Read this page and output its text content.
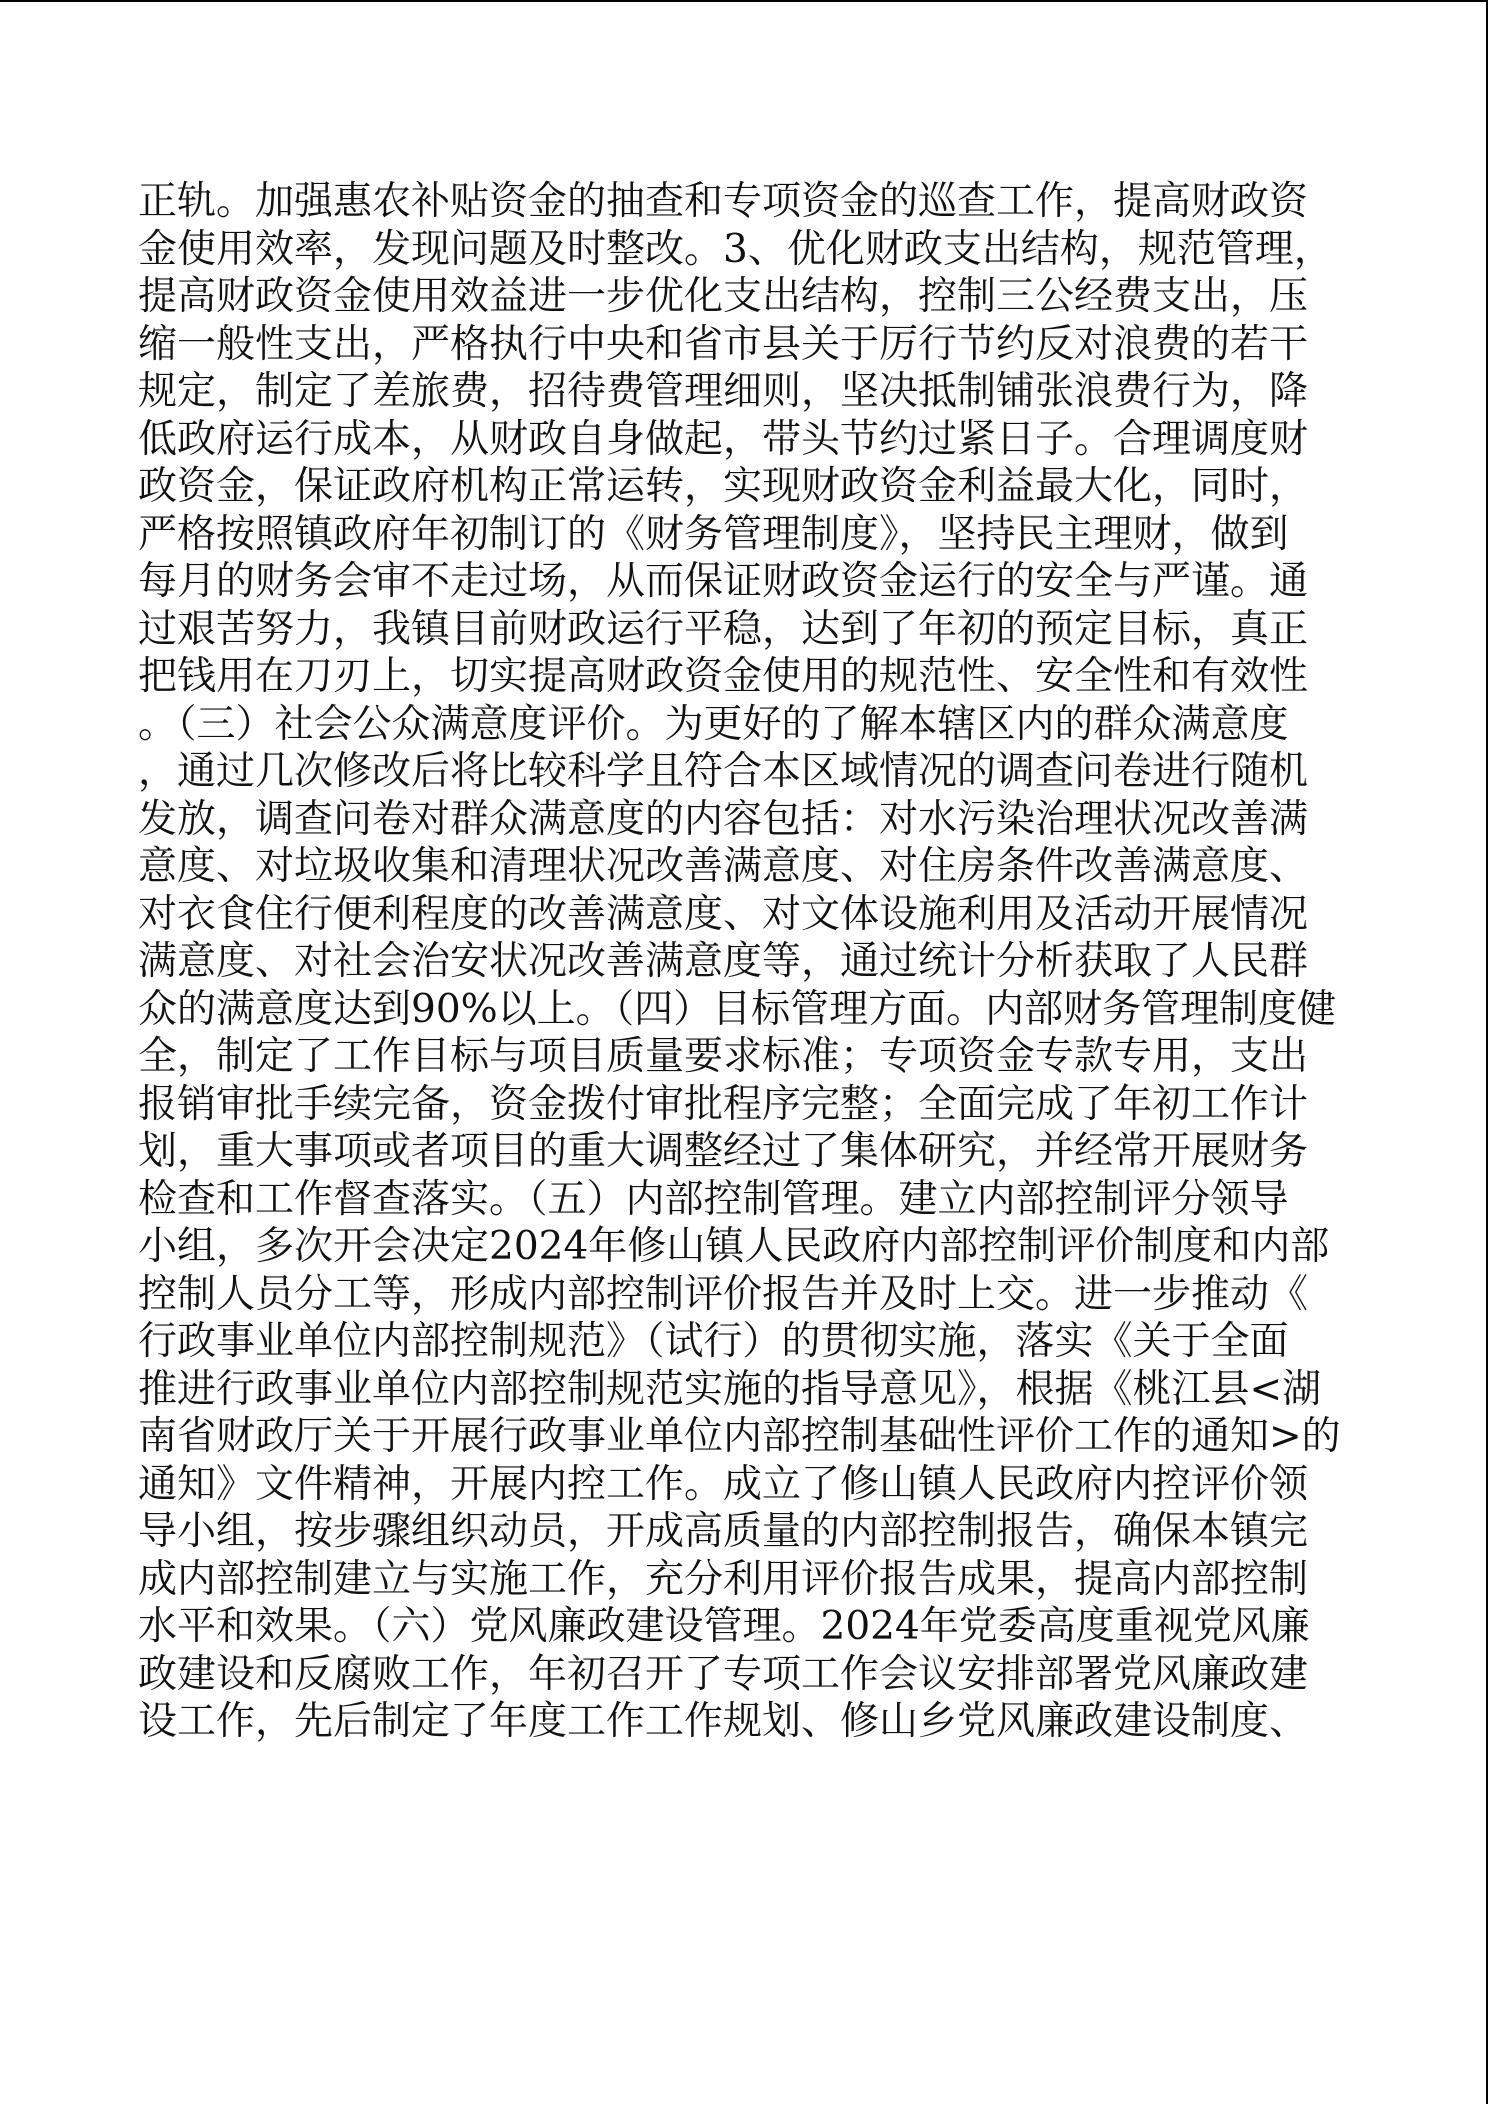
正轨。加强惠农补贴资金的抽查和专项资金的巡查工作，提高财政资
金使用效率，发现问题及时整改。3、优化财政支出结构，规范管理，
提高财政资金使用效益进一步优化支出结构，控制三公经费支出，压
缩一般性支出，严格执行中央和省市县关于厉行节约反对浪费的若干
规定，制定了差旅费，招待费管理细则，坚决抵制铺张浪费行为，降
低政府运行成本，从财政自身做起，带头节约过紧日子。合理调度财
政资金，保证政府机构正常运转，实现财政资金利益最大化，同时，
严格按照镇政府年初制订的《财务管理制度》，坚持民主理财，做到
每月的财务会审不走过场，从而保证财政资金运行的安全与严谨。通
过艰苦努力，我镇目前财政运行平稳，达到了年初的预定目标，真正
把钱用在刀刃上，切实提高财政资金使用的规范性、安全性和有效性
。（三）社会公众满意度评价。为更好的了解本辖区内的群众满意度
，通过几次修改后将比较科学且符合本区域情况的调查问卷进行随机
发放，调查问卷对群众满意度的内容包括：对水污染治理状况改善满
意度、对垃圾收集和清理状况改善满意度、对住房条件改善满意度、
对衣食住行便利程度的改善满意度、对文体设施利用及活动开展情况
满意度、对社会治安状况改善满意度等，通过统计分析获取了人民群
众的满意度达到90%以上。（四）目标管理方面。内部财务管理制度健
全，制定了工作目标与项目质量要求标准；专项资金专款专用，支出
报销审批手续完备，资金拨付审批程序完整；全面完成了年初工作计
划，重大事项或者项目的重大调整经过了集体研究，并经常开展财务
检查和工作督查落实。（五）内部控制管理。建立内部控制评分领导
小组，多次开会决定2024年修山镇人民政府内部控制评价制度和内部
控制人员分工等，形成内部控制评价报告并及时上交。进一步推动《
行政事业单位内部控制规范》（试行）的贯彻实施，落实《关于全面
推进行政事业单位内部控制规范实施的指导意见》，根据《桃江县<湖
南省财政厅关于开展行政事业单位内部控制基础性评价工作的通知>的
通知》文件精神，开展内控工作。成立了修山镇人民政府内控评价领
导小组，按步骤组织动员，开成高质量的内部控制报告，确保本镇完
成内部控制建立与实施工作，充分利用评价报告成果，提高内部控制
水平和效果。（六）党风廉政建设管理。2024年党委高度重视党风廉
政建设和反腐败工作，年初召开了专项工作会议安排部署党风廉政建
设工作，先后制定了年度工作工作规划、修山乡党风廉政建设制度、
